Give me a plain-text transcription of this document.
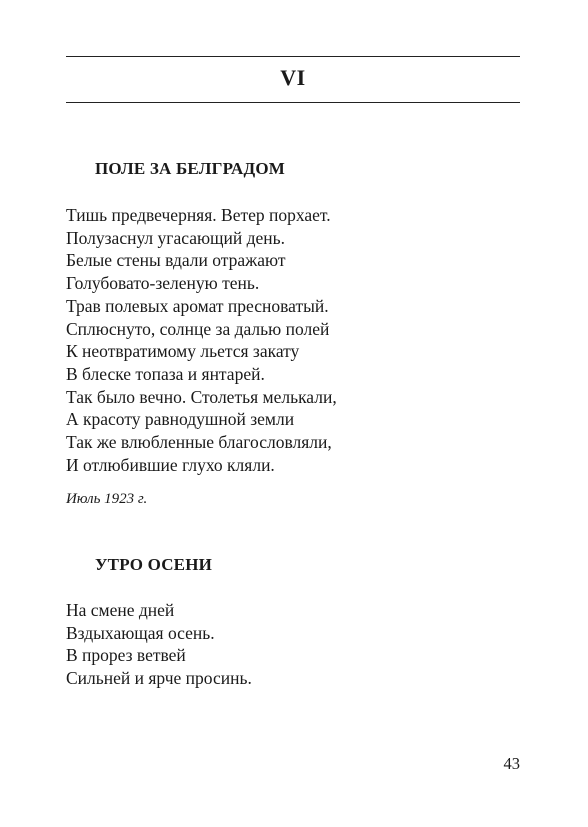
VI
ПОЛЕ ЗА БЕЛГРАДОМ
Тишь предвечерняя. Ветер порхает.
Полузаснул угасающий день.
Белые стены вдали отражают
Голубовато-зеленую тень.
Трав полевых аромат пресноватый.
Сплюснуто, солнце за далью полей
К неотвратимому льется закату
В блеске топаза и янтарей.
Так было вечно. Столетья мелькали,
А красоту равнодушной земли
Так же влюбленные благословляли,
И отлюбившие глухо кляли.
Июль 1923 г.
УТРО ОСЕНИ
На смене дней
Вздыхающая осень.
В прорез ветвей
Сильней и ярче просинь.
43
